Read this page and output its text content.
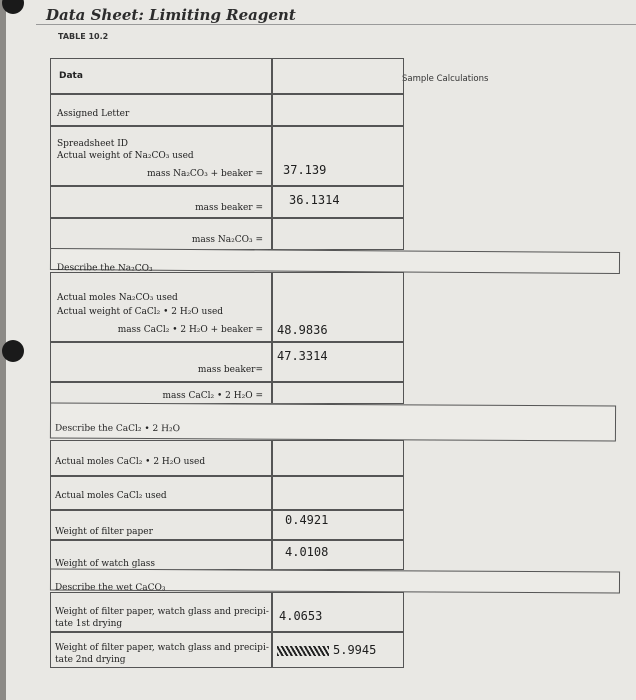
Data Sheet: Limiting Reagent
TABLE 10.2
Sample Calculations
Data
Assigned Letter
Spreadsheet ID
Actual weight of Na₂CO₃ used
mass Na₂CO₃ + beaker = 37.139
mass beaker =
36.1314
mass Na₂CO₃ =
Describe the Na₂CO₃
Actual moles Na₂CO₃ used
Actual weight of CaCl₂ • 2 H₂O used
mass CaCl₂ • 2 H₂O + beaker = 48.9836
mass beaker=
47.3314
mass CaCl₂ • 2 H₂O =
Describe the CaCl₂ • 2 H₂O
Actual moles CaCl₂ • 2 H₂O used
Actual moles CaCl₂ used
Weight of filter paper
0.4921
Weight of watch glass
4.0108
Describe the wet CaCO₃
Weight of filter paper, watch glass and precipi-
tate 1st drying
4.0653
Weight of filter paper, watch glass and precipi-
tate 2nd drying
5.9945
